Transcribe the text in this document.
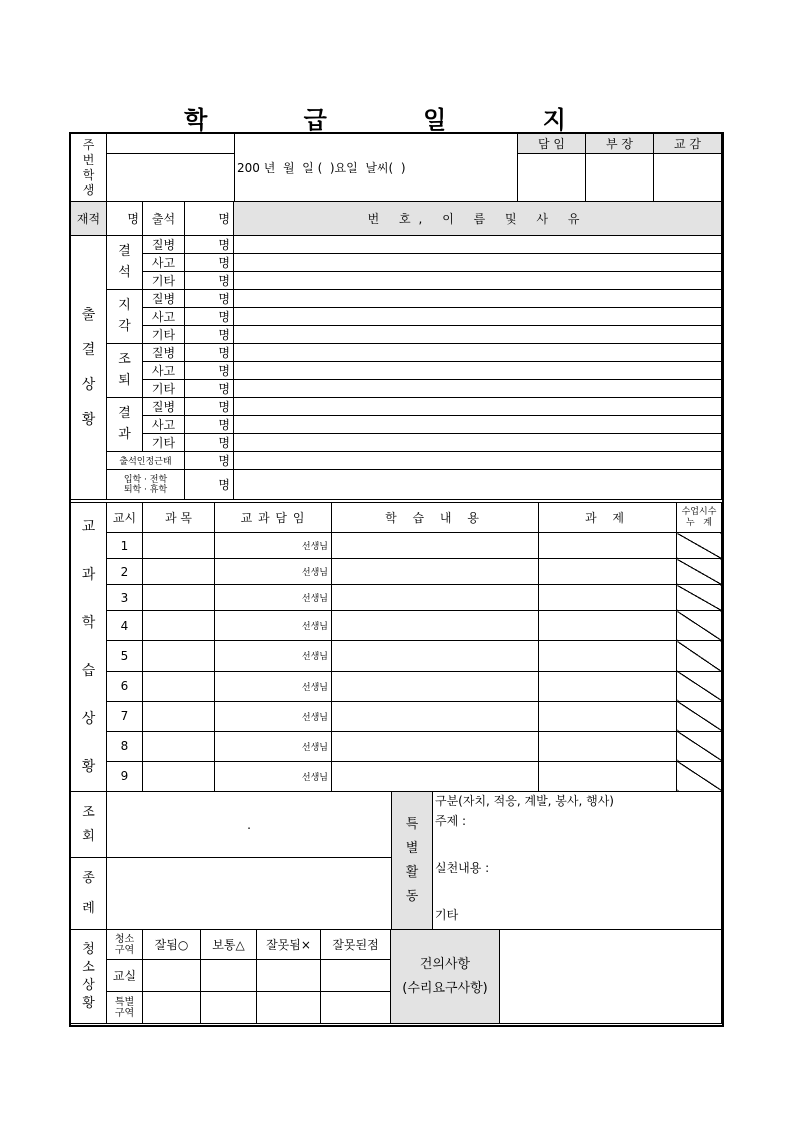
학 급 일 지
주번학생		200 년  월  일 (  )요일  날씨(  )	담 임	부 장	교 감

재적	명	출석	명	번 호, 이 름 및 사 유
출결상황	결석	질병	명	
		사고	명	
		기타	명	
	지각	질병	명	
		사고	명	
		기타	명	
	조퇴	질병	명	
		사고	명	
		기타	명	
	결과	질병	명	
		사고	명	
		기타	명	
	출석인정근태		명	

	입학 · 전학
퇴학 · 휴학		명	
교과학습상황	교시	과 목	교 과 담 임	학 습 내 용	과 제	수업시수
누   계

	1		선생님			
	2		선생님			
	3		선생님			
	4		선생님			
	5		선생님			
	6		선생님			
	7		선생님			
	8		선생님			
	9		선생님			
조회	.	특별활동	구분(자치, 적응, 계발, 봉사, 행사)
주제 :
실천내용 :
기타

종례			
청소상황	청소구역	잘됨○	보통△	잘못됨×	잘못된점	건의사항
(수리요구사항)	

	교실						
	특별구역						
